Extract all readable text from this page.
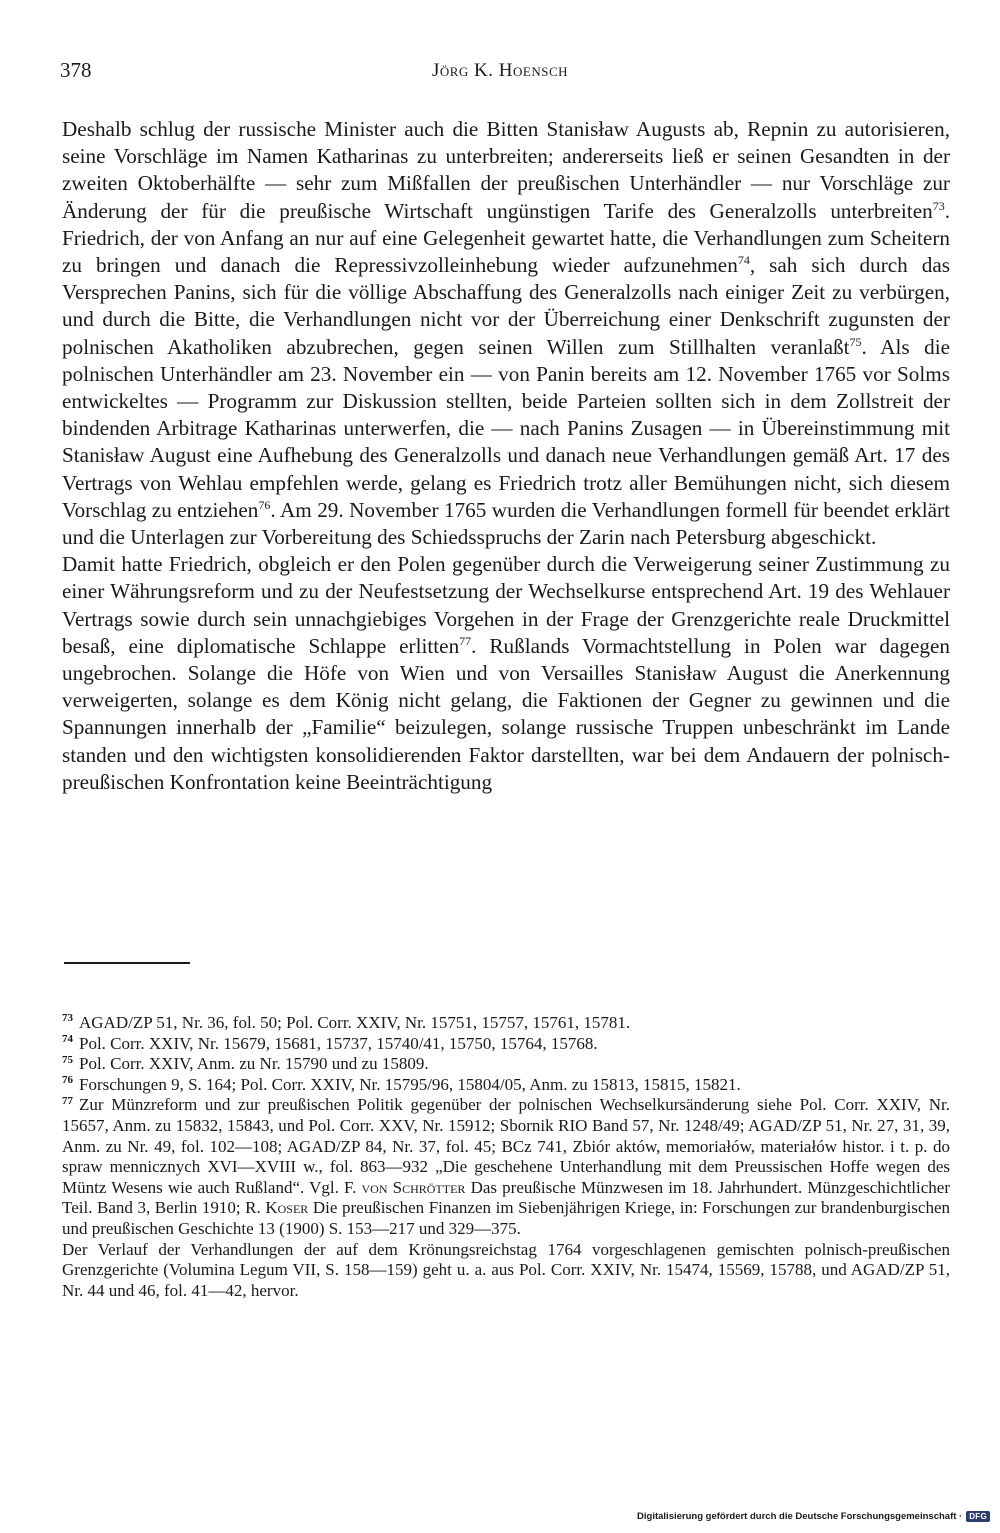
378	Jörg K. Hoensch

Deshalb schlug der russische Minister auch die Bitten Stanisław Augusts ab, Repnin zu autorisieren, seine Vorschläge im Namen Katharinas zu unterbreiten; andererseits ließ er seinen Gesandten in der zweiten Oktoberhälfte — sehr zum Mißfallen der preußischen Unterhändler — nur Vorschläge zur Änderung der für die preußische Wirtschaft ungünstigen Tarife des Generalzolls unterbreiten$^{73}$. Friedrich, der von Anfang an nur auf eine Gelegenheit gewartet hatte, die Verhandlungen zum Scheitern zu bringen und danach die Repressivzolleinhebung wieder aufzunehmen$^{74}$, sah sich durch das Versprechen Panins, sich für die völlige Abschaffung des Generalzolls nach einiger Zeit zu verbürgen, und durch die Bitte, die Verhandlungen nicht vor der Überreichung einer Denkschrift zugunsten der polnischen Akatholiken abzubrechen, gegen seinen Willen zum Stillhalten veranlaßt$^{75}$. Als die polnischen Unterhändler am 23. November ein — von Panin bereits am 12. November 1765 vor Solms entwickeltes — Programm zur Diskussion stellten, beide Parteien sollten sich in dem Zollstreit der bindenden Arbitrage Katharinas unterwerfen, die — nach Panins Zusagen — in Übereinstimmung mit Stanisław August eine Aufhebung des Generalzolls und danach neue Verhandlungen gemäß Art. 17 des Vertrags von Wehlau empfehlen werde, gelang es Friedrich trotz aller Bemühungen nicht, sich diesem Vorschlag zu entziehen$^{76}$. Am 29. November 1765 wurden die Verhandlungen formell für beendet erklärt und die Unterlagen zur Vorbereitung des Schiedsspruchs der Zarin nach Petersburg abgeschickt.

Damit hatte Friedrich, obgleich er den Polen gegenüber durch die Verweigerung seiner Zustimmung zu einer Währungsreform und zu der Neufestsetzung der Wechselkurse entsprechend Art. 19 des Wehlauer Vertrags sowie durch sein unnachgiebiges Vorgehen in der Frage der Grenzgerichte reale Druckmittel besaß, eine diplomatische Schlappe erlitten$^{77}$. Rußlands Vormachtstellung in Polen war dagegen ungebrochen. Solange die Höfe von Wien und von Versailles Stanisław August die Anerkennung verweigerten, solange es dem König nicht gelang, die Faktionen der Gegner zu gewinnen und die Spannungen innerhalb der „Familie“ beizulegen, solange russische Truppen unbeschränkt im Lande standen und den wichtigsten konsolidierenden Faktor darstellten, war bei dem Andauern der polnisch-preußischen Konfrontation keine Beeinträchtigung

$^{73}$ AGAD/ZP 51, Nr. 36, fol. 50; Pol. Corr. XXIV, Nr. 15751, 15757, 15761, 15781.

$^{74}$ Pol. Corr. XXIV, Nr. 15679, 15681, 15737, 15740/41, 15750, 15764, 15768.

$^{75}$ Pol. Corr. XXIV, Anm. zu Nr. 15790 und zu 15809.

$^{76}$ Forschungen 9, S. 164; Pol. Corr. XXIV, Nr. 15795/96, 15804/05, Anm. zu 15813, 15815, 15821.

$^{77}$ Zur Münzreform und zur preußischen Politik gegenüber der polnischen Wechselkursänderung siehe Pol. Corr. XXIV, Nr. 15657, Anm. zu 15832, 15843, und Pol. Corr. XXV, Nr. 15912; Sbornik RIO Band 57, Nr. 1248/49; AGAD/ZP 51, Nr. 27, 31, 39, Anm. zu Nr. 49, fol. 102—108; AGAD/ZP 84, Nr. 37, fol. 45; BCz 741, Zbiór aktów, memoriałów, materiałów histor. i t. p. do spraw mennicznych XVI—XVIII w., fol. 863—932 „Die geschehene Unterhandlung mit dem Preussischen Hoffe wegen des Müntz Wesens wie auch Rußland“. Vgl. F. von Schrötter Das preußische Münzwesen im 18. Jahrhundert. Münzgeschichtlicher Teil. Band 3, Berlin 1910; R. Koser Die preußischen Finanzen im Siebenjährigen Kriege, in: Forschungen zur brandenburgischen und preußischen Geschichte 13 (1900) S. 153—217 und 329—375.

Der Verlauf der Verhandlungen der auf dem Krönungsreichstag 1764 vorgeschlagenen gemischten polnisch-preußischen Grenzgerichte (Volumina Legum VII, S. 158—159) geht u. a. aus Pol. Corr. XXIV, Nr. 15474, 15569, 15788, und AGAD/ZP 51, Nr. 44 und 46, fol. 41—42, hervor.

Digitalisierung gefördert durch die Deutsche Forschungsgemeinschaft · DFG
